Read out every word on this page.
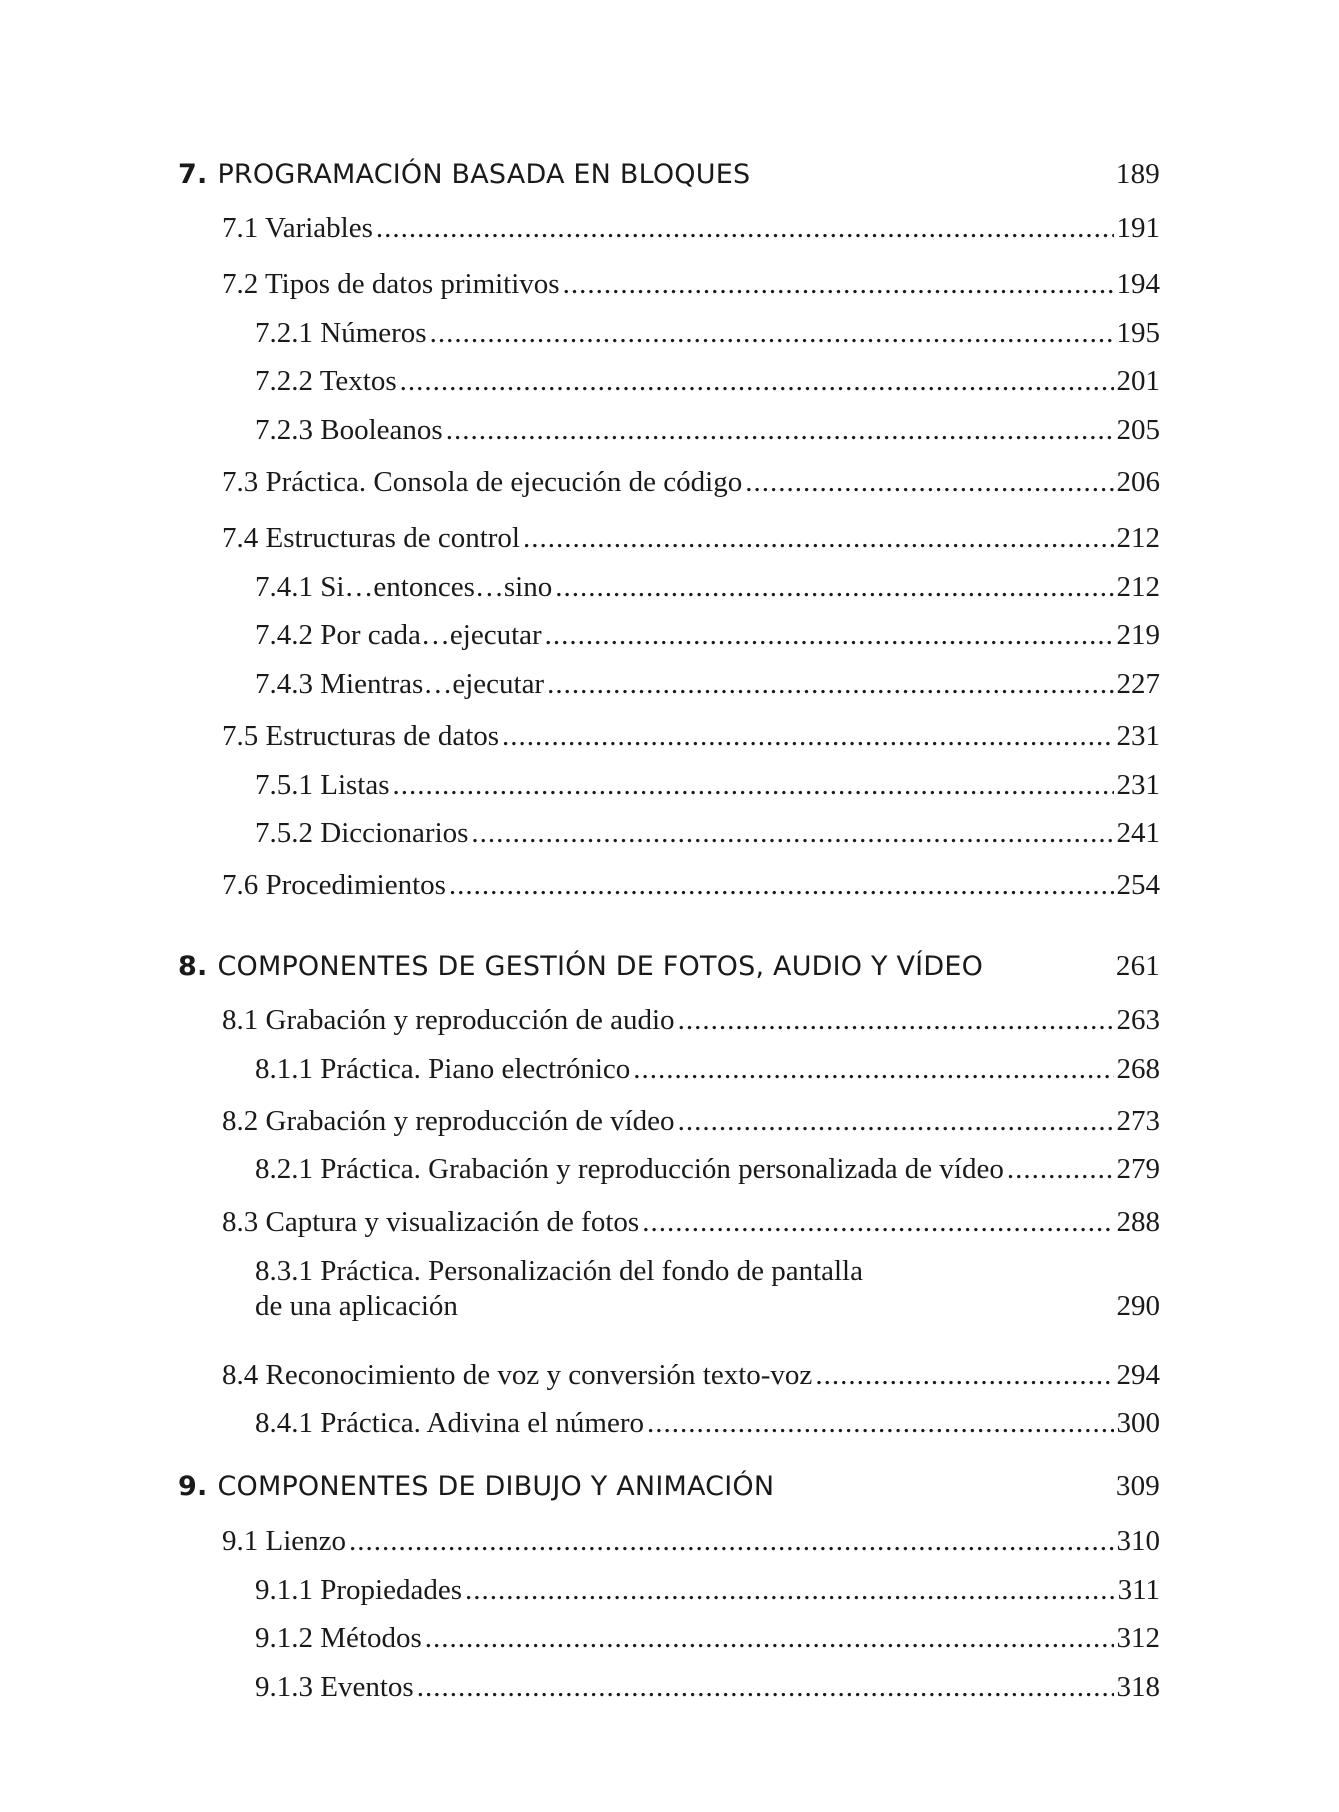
7. PROGRAMACIÓN BASADA EN BLOQUES	189
7.1 Variables .....	191
7.2 Tipos de datos primitivos .....	194
7.2.1 Números .....	195
7.2.2 Textos .....	201
7.2.3 Booleanos .....	205
7.3 Práctica. Consola de ejecución de código .....	206
7.4 Estructuras de control .....	212
7.4.1 Si…entonces…sino .....	212
7.4.2 Por cada…ejecutar .....	219
7.4.3 Mientras…ejecutar .....	227
7.5 Estructuras de datos .....	231
7.5.1 Listas .....	231
7.5.2 Diccionarios .....	241
7.6 Procedimientos .....	254
8. COMPONENTES DE GESTIÓN DE FOTOS, AUDIO Y VÍDEO	261
8.1 Grabación y reproducción de audio .....	263
8.1.1 Práctica. Piano electrónico .....	268
8.2 Grabación y reproducción de vídeo .....	273
8.2.1 Práctica. Grabación y reproducción personalizada de vídeo .....	279
8.3 Captura y visualización de fotos .....	288
8.3.1 Práctica. Personalización del fondo de pantalla
de una aplicación	290
8.4 Reconocimiento de voz y conversión texto-voz .....	294
8.4.1 Práctica. Adivina el número .....	300
9. COMPONENTES DE DIBUJO Y ANIMACIÓN	309
9.1 Lienzo .....	310
9.1.1 Propiedades .....	311
9.1.2 Métodos .....	312
9.1.3 Eventos .....	318
